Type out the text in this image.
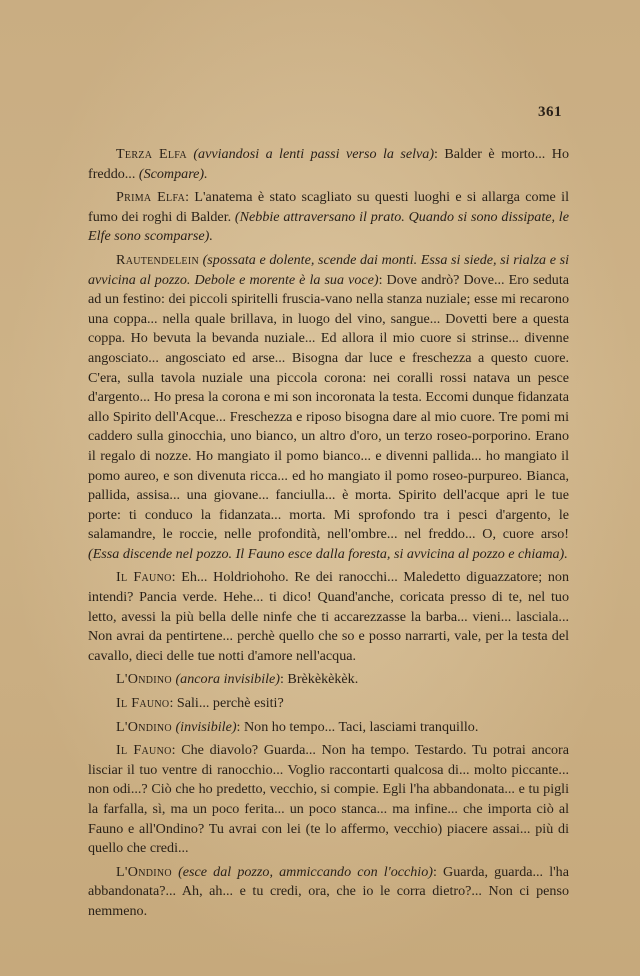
361

Terza Elfa (avviandosi a lenti passi verso la selva): Balder è morto... Ho freddo... (Scompare).

Prima Elfa: L'anatema è stato scagliato su questi luoghi e si allarga come il fumo dei roghi di Balder. (Nebbie attraversano il prato. Quando si sono dissipate, le Elfe sono scomparse).

Rautendelein (spossata e dolente, scende dai monti. Essa si siede, si rialza e si avvicina al pozzo. Debole e morente è la sua voce): Dove andrò? Dove... Ero seduta ad un festino: dei piccoli spiritelli fruscia-vano nella stanza nuziale; esse mi recarono una coppa... nella quale brillava, in luogo del vino, sangue... Dovetti bere a questa coppa. Ho bevuta la bevanda nuziale... Ed allora il mio cuore si strinse... divenne angosciato... angosciato ed arse... Bisogna dar luce e freschezza a questo cuore. C'era, sulla tavola nuziale una piccola corona: nei coralli rossi natava un pesce d'argento... Ho presa la corona e mi son incoronata la testa. Eccomi dunque fidanzata allo Spirito dell'Acque... Freschezza e riposo bisogna dare al mio cuore. Tre pomi mi caddero sulla ginocchia, uno bianco, un altro d'oro, un terzo roseo-porporino. Erano il regalo di nozze. Ho mangiato il pomo bianco... e divenni pallida... ho mangiato il pomo aureo, e son divenuta ricca... ed ho mangiato il pomo roseo-purpureo. Bianca, pallida, assisa... una giovane... fanciulla... è morta. Spirito dell'acque apri le tue porte: ti conduco la fidanzata... morta. Mi sprofondo tra i pesci d'argento, le salamandre, le roccie, nelle profondità, nell'ombre... nel freddo... O, cuore arso! (Essa discende nel pozzo. Il Fauno esce dalla foresta, si avvicina al pozzo e chiama).

Il Fauno: Eh... Holdriohoho. Re dei ranocchi... Maledetto diguazzatore; non intendi? Pancia verde. Hehe... ti dico! Quand'anche, coricata presso di te, nel tuo letto, avessi la più bella delle ninfe che ti accarezzasse la barba... vieni... lasciala... Non avrai da pentirtene... perchè quello che so e posso narrarti, vale, per la testa del cavallo, dieci delle tue notti d'amore nell'acqua.

L'Ondino (ancora invisibile): Brèkèkèkèk.

Il Fauno: Sali... perchè esiti?

L'Ondino (invisibile): Non ho tempo... Taci, lasciami tranquillo.

Il Fauno: Che diavolo? Guarda... Non ha tempo. Testardo. Tu potrai ancora lisciar il tuo ventre di ranocchio... Voglio raccontarti qualcosa di... molto piccante... non odi...? Ciò che ho predetto, vecchio, si compie. Egli l'ha abbandonata... e tu pigli la farfalla, sì, ma un poco ferita... un poco stanca... ma infine... che importa ciò al Fauno e all'Ondino? Tu avrai con lei (te lo affermo, vecchio) piacere assai... più di quello che credi...

L'Ondino (esce dal pozzo, ammiccando con l'occhio): Guarda, guarda... l'ha abbandonata?... Ah, ah... e tu credi, ora, che io le corra dietro?... Non ci penso nemmeno.
